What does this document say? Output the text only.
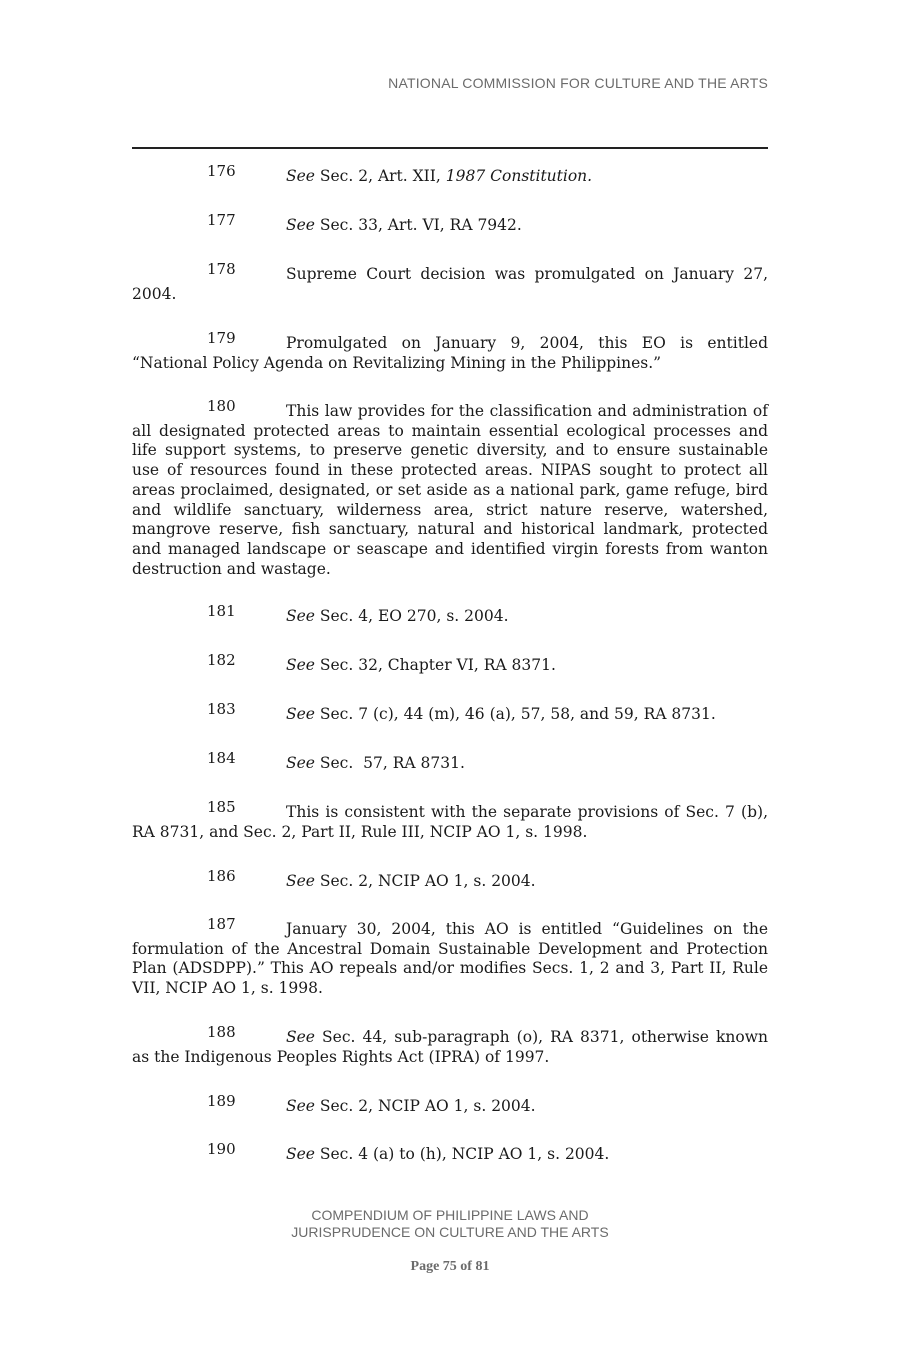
NATIONAL COMMISSION FOR CULTURE AND THE ARTS
176	See Sec. 2, Art. XII, 1987 Constitution.
177	See Sec. 33, Art. VI, RA 7942.
178	Supreme Court decision was promulgated on January 27, 2004.
179	Promulgated on January 9, 2004, this EO is entitled “National Policy Agenda on Revitalizing Mining in the Philippines.”
180	This law provides for the classification and administration of all designated protected areas to maintain essential ecological processes and life support systems, to preserve genetic diversity, and to ensure sustainable use of resources found in these protected areas. NIPAS sought to protect all areas proclaimed, designated, or set aside as a national park, game refuge, bird and wildlife sanctuary, wilderness area, strict nature reserve, watershed, mangrove reserve, fish sanctuary, natural and historical landmark, protected and managed landscape or seascape and identified virgin forests from wanton destruction and wastage.
181	See Sec. 4, EO 270, s. 2004.
182	See Sec. 32, Chapter VI, RA 8371.
183	See Sec. 7 (c), 44 (m), 46 (a), 57, 58, and 59, RA 8731.
184	See Sec.  57, RA 8731.
185	This is consistent with the separate provisions of Sec. 7 (b), RA 8731, and Sec. 2, Part II, Rule III, NCIP AO 1, s. 1998.
186	See Sec. 2, NCIP AO 1, s. 2004.
187	January 30, 2004, this AO is entitled “Guidelines on the formulation of the Ancestral Domain Sustainable Development and Protection Plan (ADSDPP).” This AO repeals and/or modifies Secs. 1, 2 and 3, Part II, Rule VII, NCIP AO 1, s. 1998.
188	See Sec. 44, sub-paragraph (o), RA 8371, otherwise known as the Indigenous Peoples Rights Act (IPRA) of 1997.
189	See Sec. 2, NCIP AO 1, s. 2004.
190	See Sec. 4 (a) to (h), NCIP AO 1, s. 2004.
COMPENDIUM OF PHILIPPINE LAWS AND
JURISPRUDENCE ON CULTURE AND THE ARTS
Page 75 of 81
